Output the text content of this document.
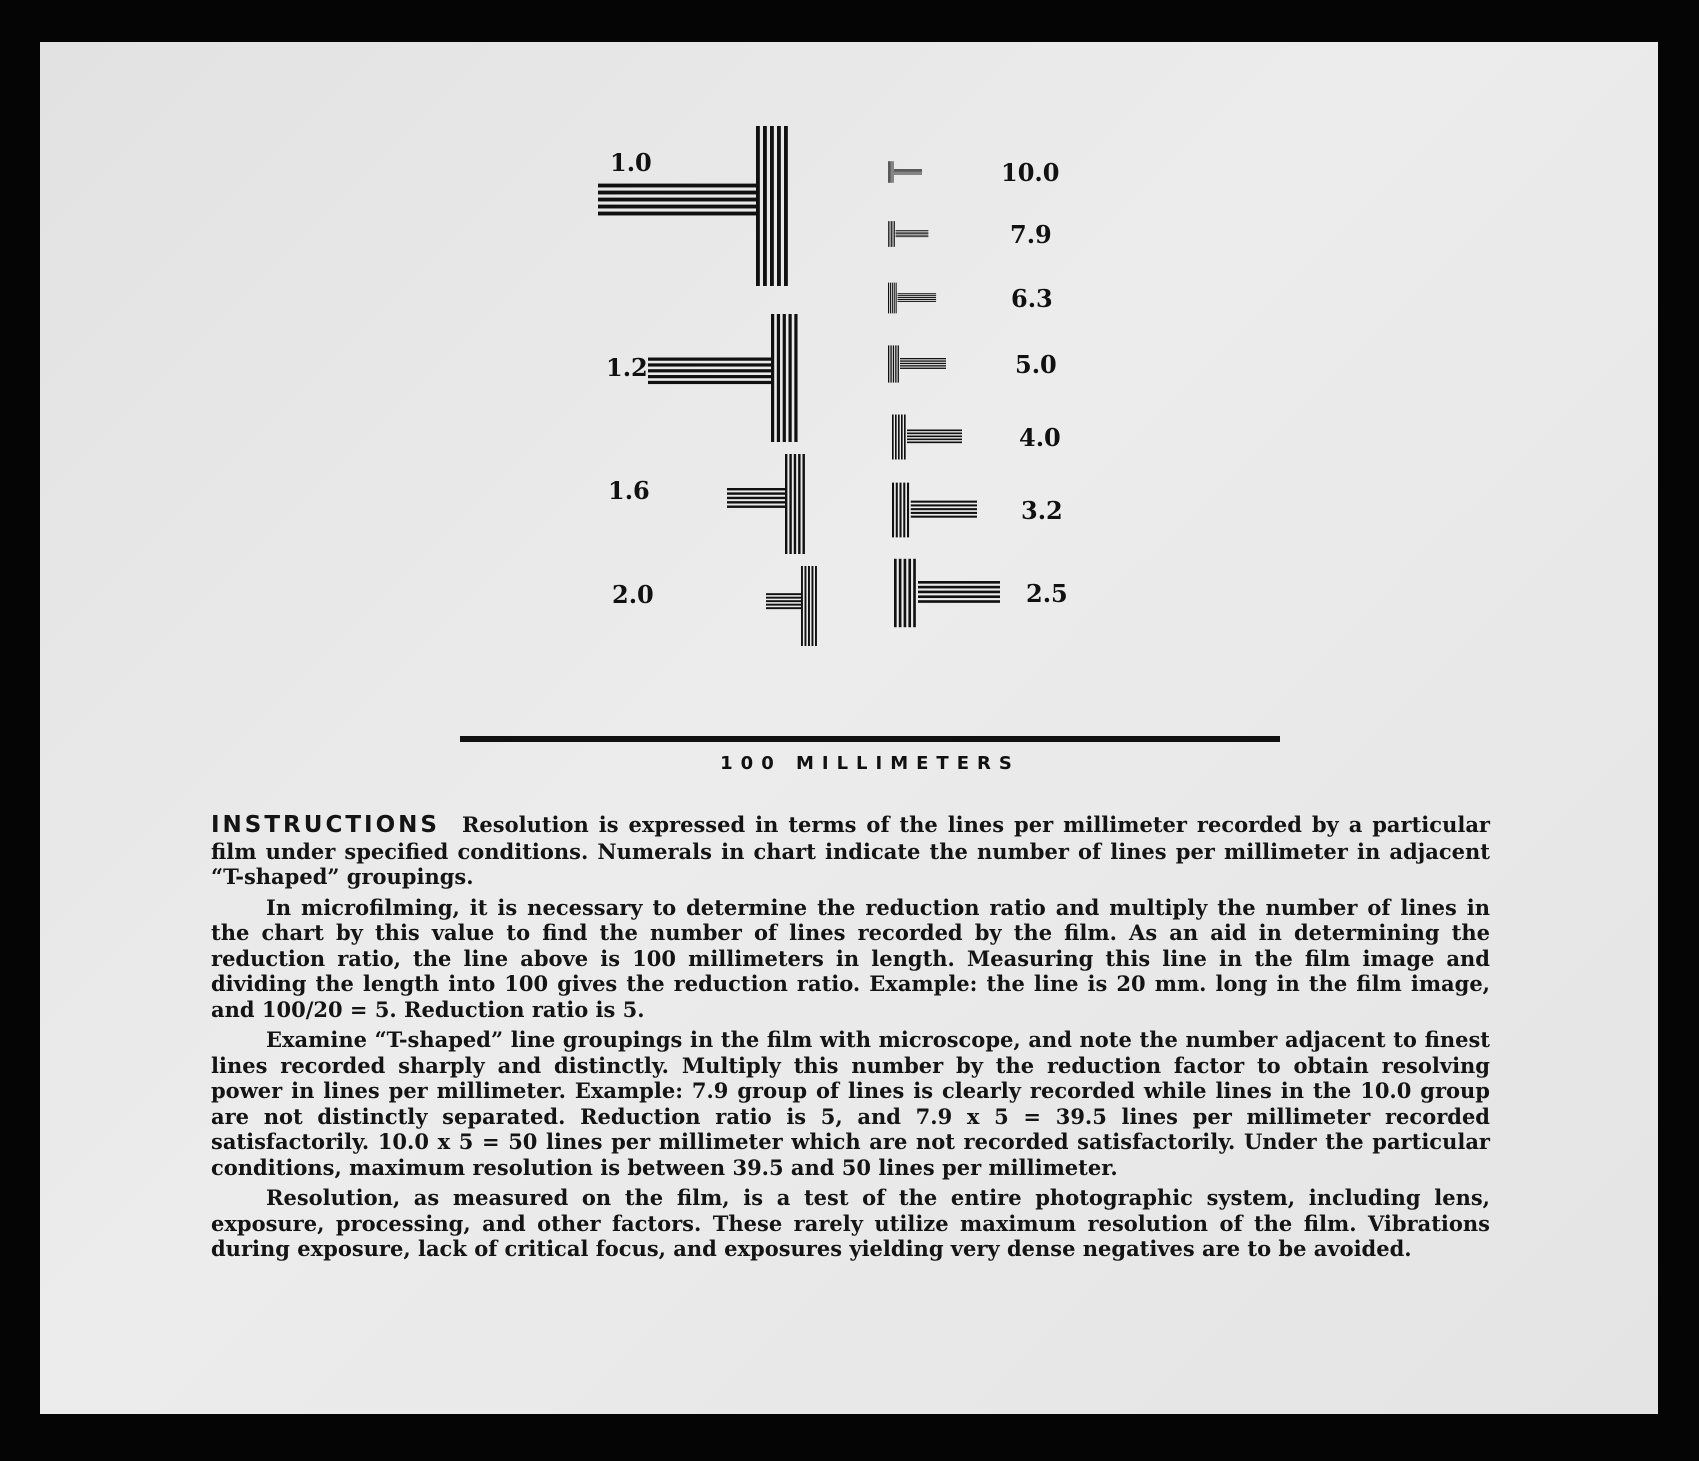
1.0
1.2
1.6
2.0
10.0
7.9
6.3
5.0
4.0
3.2
2.5
100 MILLIMETERS

INSTRUCTIONS Resolution is expressed in terms of the lines per millimeter recorded by a particular film under specified conditions. Numerals in chart indicate the number of lines per millimeter in adjacent “T-shaped” groupings.

In microfilming, it is necessary to determine the reduction ratio and multiply the number of lines in the chart by this value to find the number of lines recorded by the film. As an aid in determining the reduction ratio, the line above is 100 millimeters in length. Measuring this line in the film image and dividing the length into 100 gives the reduction ratio. Example: the line is 20 mm. long in the film image, and 100/20 = 5. Reduction ratio is 5.

Examine “T-shaped” line groupings in the film with microscope, and note the number adjacent to finest lines recorded sharply and distinctly. Multiply this number by the reduction factor to obtain resolving power in lines per millimeter. Example: 7.9 group of lines is clearly recorded while lines in the 10.0 group are not distinctly separated. Reduction ratio is 5, and 7.9 x 5 = 39.5 lines per millimeter recorded satisfactorily. 10.0 x 5 = 50 lines per millimeter which are not recorded satisfactorily. Under the particular conditions, maximum resolution is between 39.5 and 50 lines per millimeter.

Resolution, as measured on the film, is a test of the entire photographic system, including lens, exposure, processing, and other factors. These rarely utilize maximum resolution of the film. Vibrations during exposure, lack of critical focus, and exposures yielding very dense negatives are to be avoided.
